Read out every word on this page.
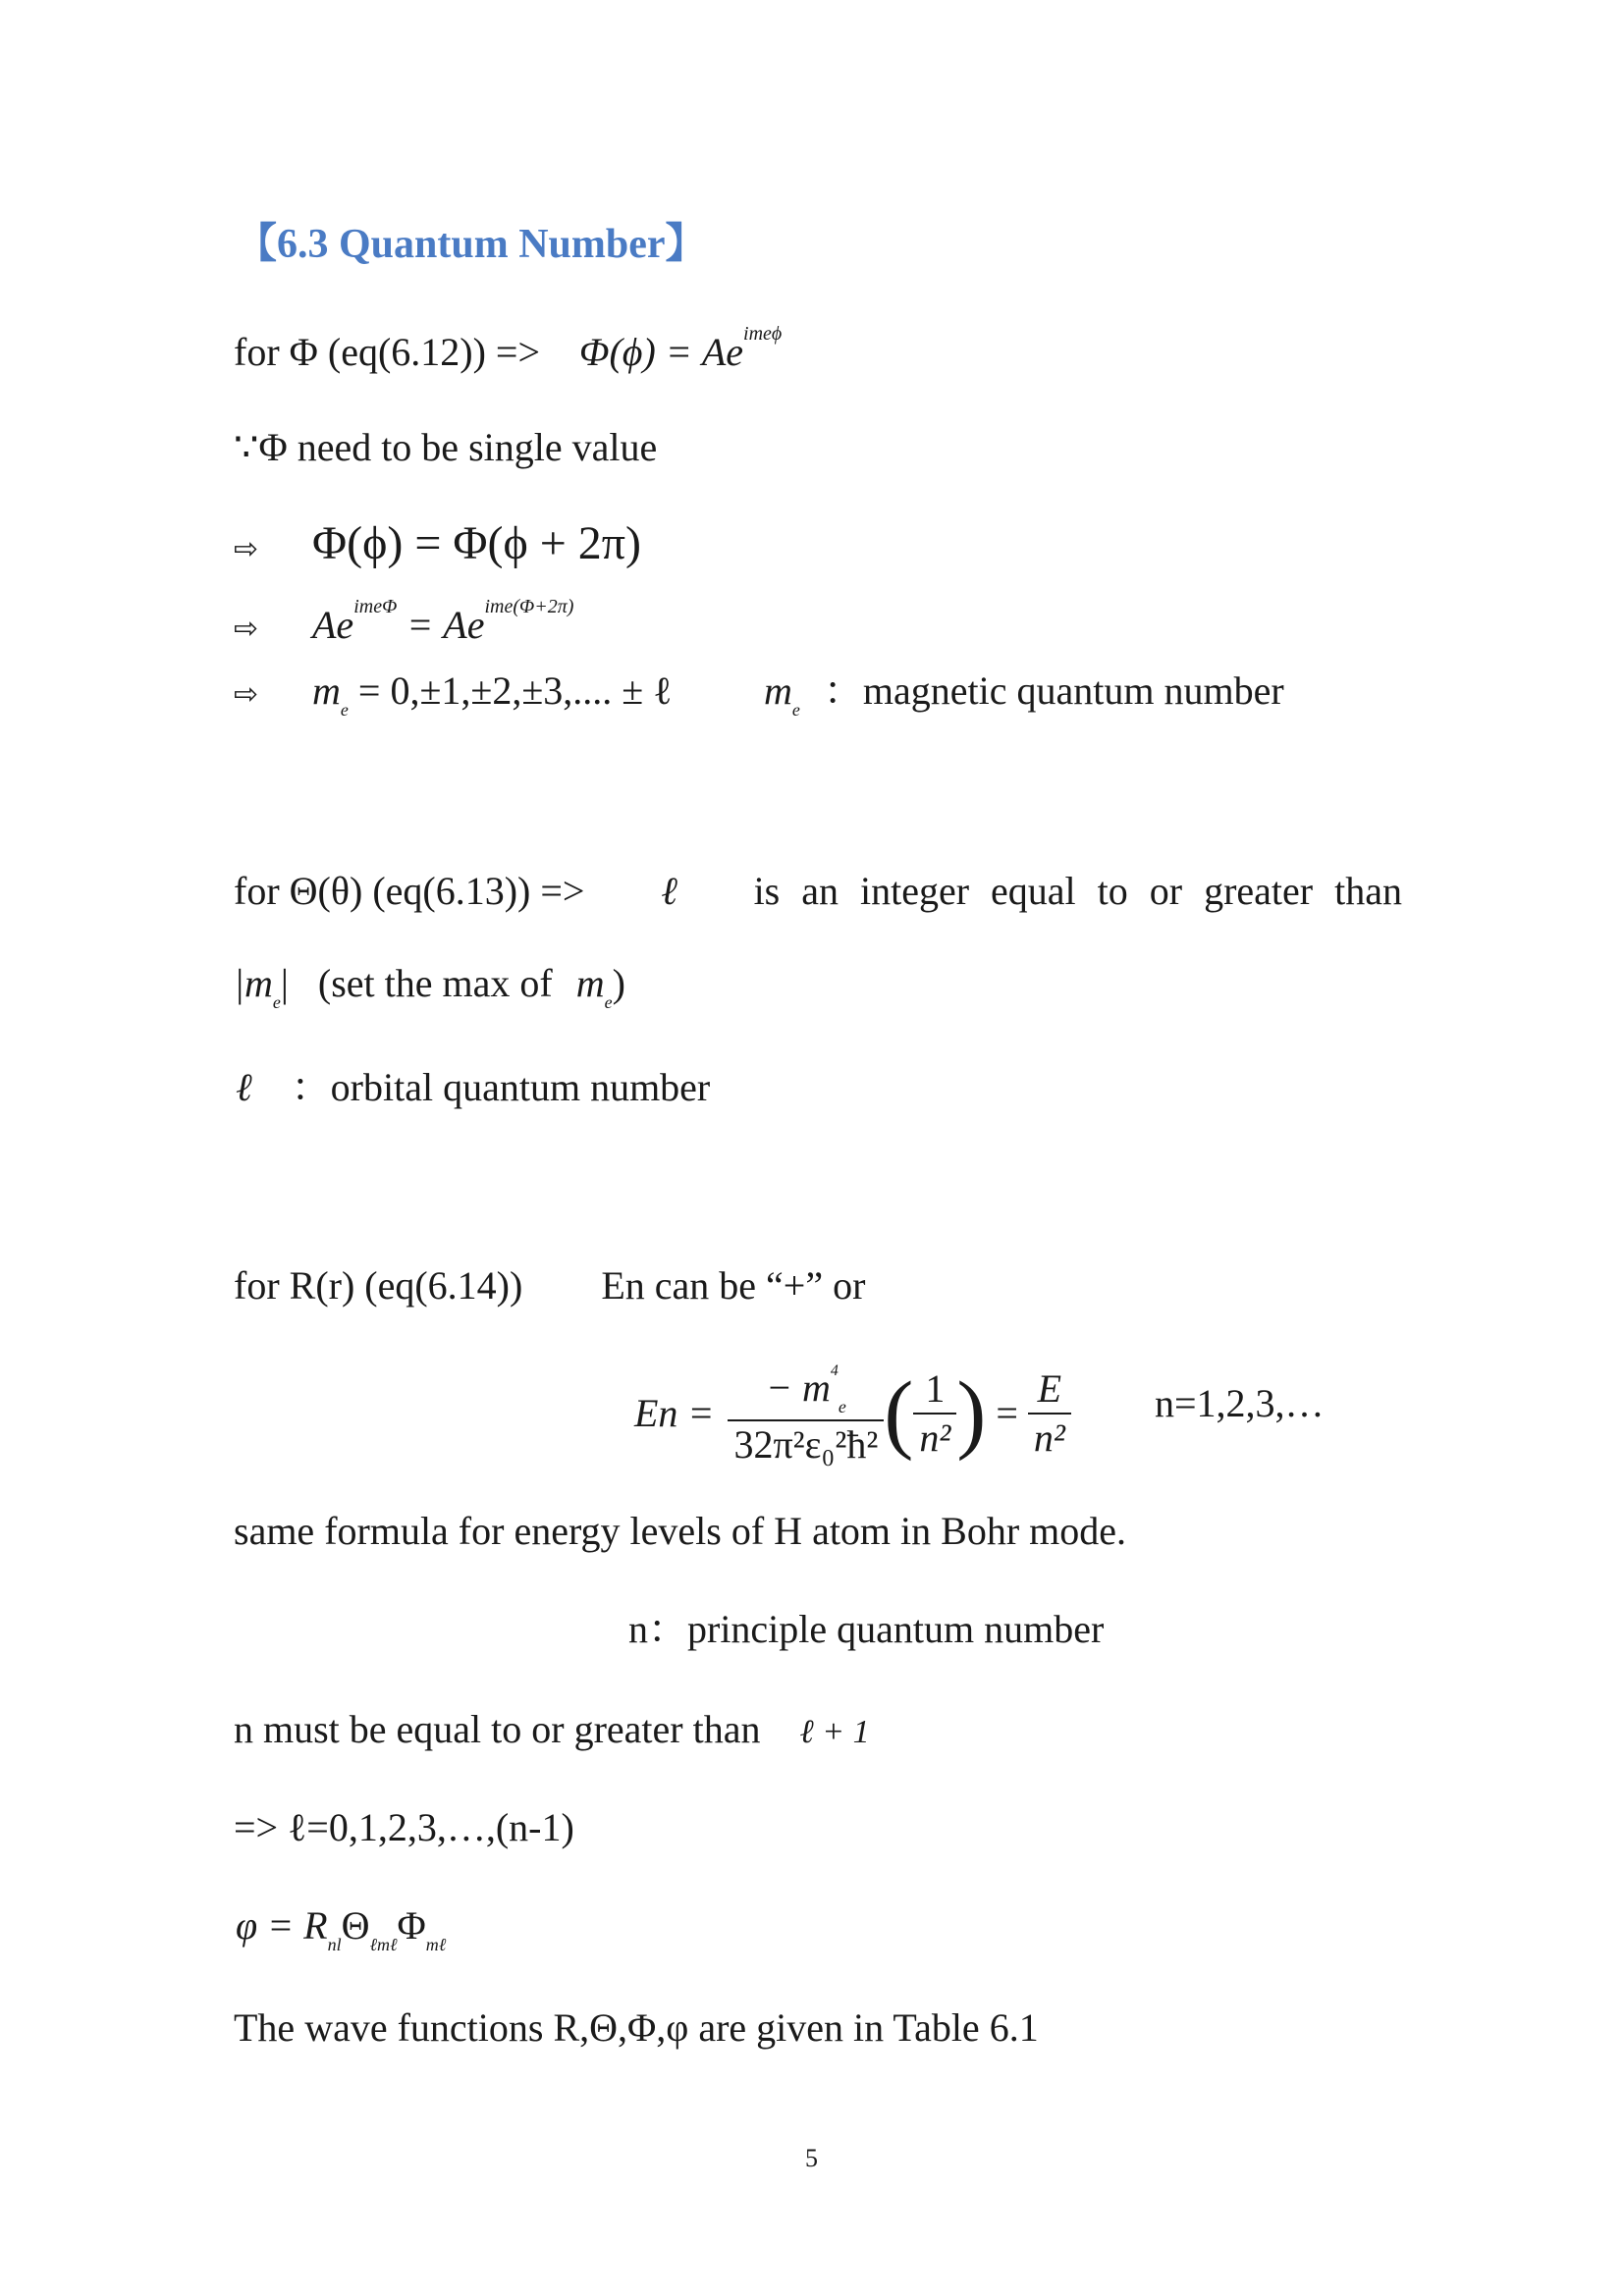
【6.3 Quantum Number】
for Φ $(eq(6.12)) => \Phi(\phi) = Ae^{ime\phi}$
∵Φ need to be single value
⇨ Φ(ϕ) = Φ(ϕ + 2π)
⇨ $Ae^{ime\Phi} = Ae^{ime(\Phi+2\pi)}$
⇨ $m_e = 0,\pm 1,\pm 2,\pm 3$,.... ± ℓ $m_e$ ：magnetic quantum number
for Θ(θ) (eq(6.13)) => ℓ is an integer equal to or greater than
$|m_e|$ (set the max of $m_e$)
ℓ ：orbital quantum number
for R(r) (eq(6.14)) En can be “+” or
$En = \frac{- m^4_e}{\text{32π²ε₀²ħ²}}$ ( $\frac{1}{\text{n²}}$ ) = $\frac{E}{\text{n²}}$ n=1,2,3,…
same formula for energy levels of H atom in Bohr mode.
n：principle quantum number
n must be equal to or greater than ℓ + 1
=> ℓ=0,1,2,3,…,(n-1)
$\varphi = R_{nl}\Theta_{\ell m\ell}\Phi_{m\ell}$
The wave functions R,Θ,Φ,φ are given in Table 6.1
5
